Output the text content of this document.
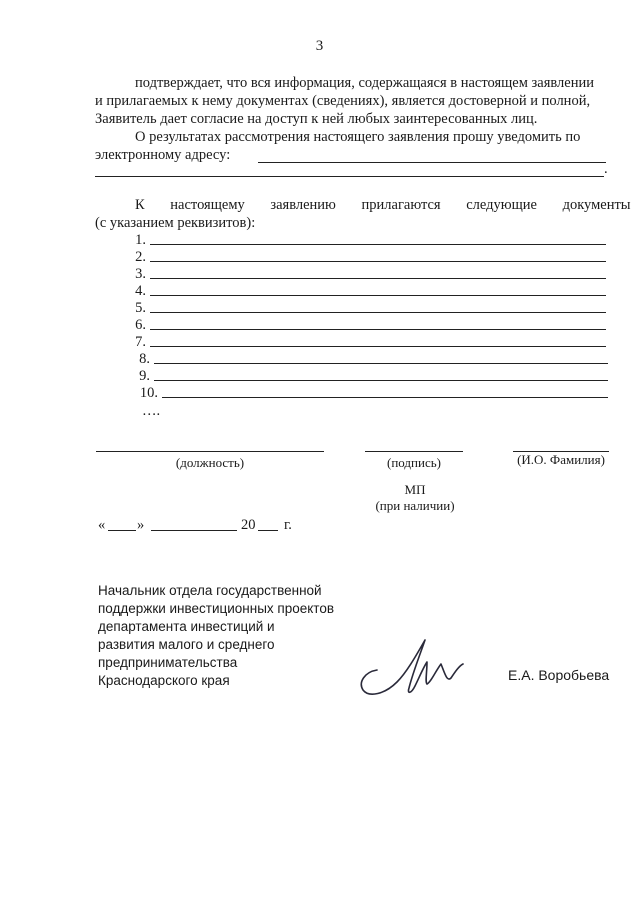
3
подтверждает, что вся информация, содержащаяся в настоящем заявлении
и прилагаемых к нему документах (сведениях), является достоверной и полной,
Заявитель дает согласие на доступ к ней любых заинтересованных лиц.
О результатах рассмотрения настоящего заявления прошу уведомить по
электронному адресу:
.
К настоящему заявлению прилагаются следующие документы
(с указанием реквизитов):
1.
2.
3.
4.
5.
6.
7.
8.
9.
10.
….
(должность)	(подпись)	(И.О. Фамилия)
МП
(при наличии)
« »	20 г.
Начальник отдела государственной
поддержки инвестиционных проектов
департамента инвестиций и
развития малого и среднего
предпринимательства
Краснодарского края	Е.А. Воробьева
